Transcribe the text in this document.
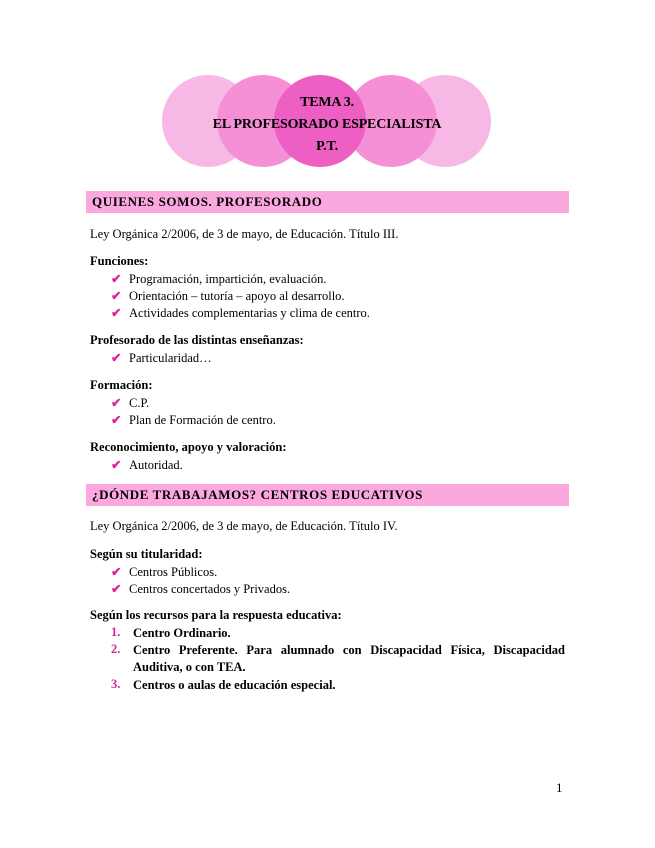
TEMA 3.
EL PROFESORADO ESPECIALISTA
P.T.
QUIENES SOMOS. PROFESORADO
Ley Orgánica 2/2006, de 3 de mayo, de Educación. Título III.
Funciones:
✔ Programación, impartición, evaluación.
✔ Orientación – tutoría – apoyo al desarrollo.
✔ Actividades complementarias y clima de centro.
Profesorado de las distintas enseñanzas:
✔ Particularidad…
Formación:
✔ C.P.
✔ Plan de Formación de centro.
Reconocimiento, apoyo y valoración:
✔ Autoridad.
¿DÓNDE TRABAJAMOS? CENTROS EDUCATIVOS
Ley Orgánica 2/2006, de 3 de mayo, de Educación. Título IV.
Según su titularidad:
✔ Centros Públicos.
✔ Centros concertados y Privados.
Según los recursos para la respuesta educativa:
1.	Centro Ordinario.
2.	Centro Preferente. Para alumnado con Discapacidad Física, Discapacidad Auditiva, o con TEA.
3.	Centros o aulas de educación especial.
1
